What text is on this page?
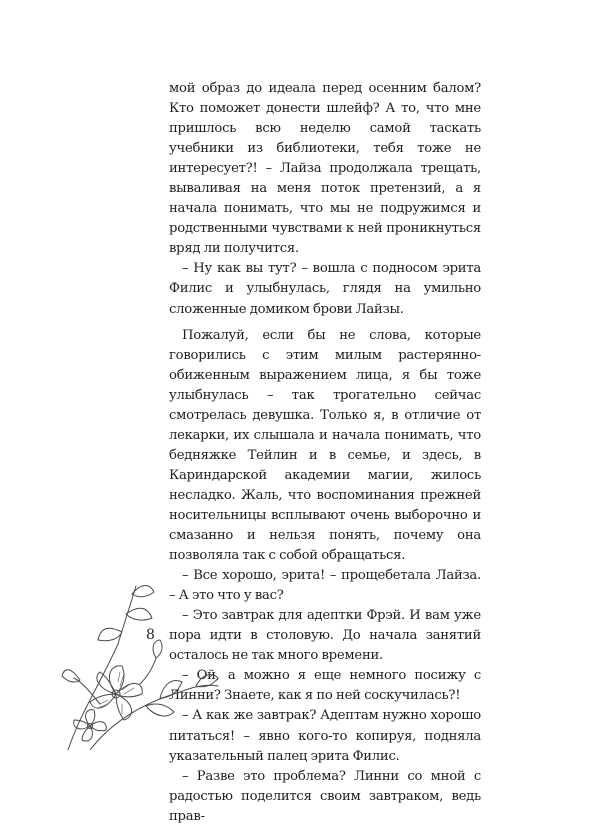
мой образ до идеала перед осенним балом? Кто поможет донести шлейф? А то, что мне пришлось всю неделю самой таскать учебники из библиотеки, тебя тоже не интересует?! – Лайза продолжала трещать, вываливая на меня поток претензий, а я начала понимать, что мы не подружимся и родственными чувствами к ней проникнуться вряд ли получится.

– Ну как вы тут? – вошла с подносом эрита Филис и улыбнулась, глядя на умильно сложенные домиком брови Лайзы.

Пожалуй, если бы не слова, которые говорились с этим милым растерянно-обиженным выражением лица, я бы тоже улыбнулась – так трогательно сейчас смотрелась девушка. Только я, в отличие от лекарки, их слышала и начала понимать, что бедняжке Тейлин и в семье, и здесь, в Кариндарской академии магии, жилось несладко. Жаль, что воспоминания прежней носительницы всплывают очень выборочно и смазанно и нельзя понять, почему она позволяла так с собой обращаться.

– Все хорошо, эрита! – прощебетала Лайза. – А это что у вас?

– Это завтрак для адептки Фрэй. И вам уже пора идти в столовую. До начала занятий осталось не так много времени.

– Ой, а можно я еще немного посижу с Линни? Знаете, как я по ней соскучилась?!

– А как же завтрак? Адептам нужно хорошо питаться! – явно кого-то копируя, подняла указательный палец эрита Филис.

– Разве это проблема? Линни со мной с радостью поделится своим завтраком, ведь прав-

8
